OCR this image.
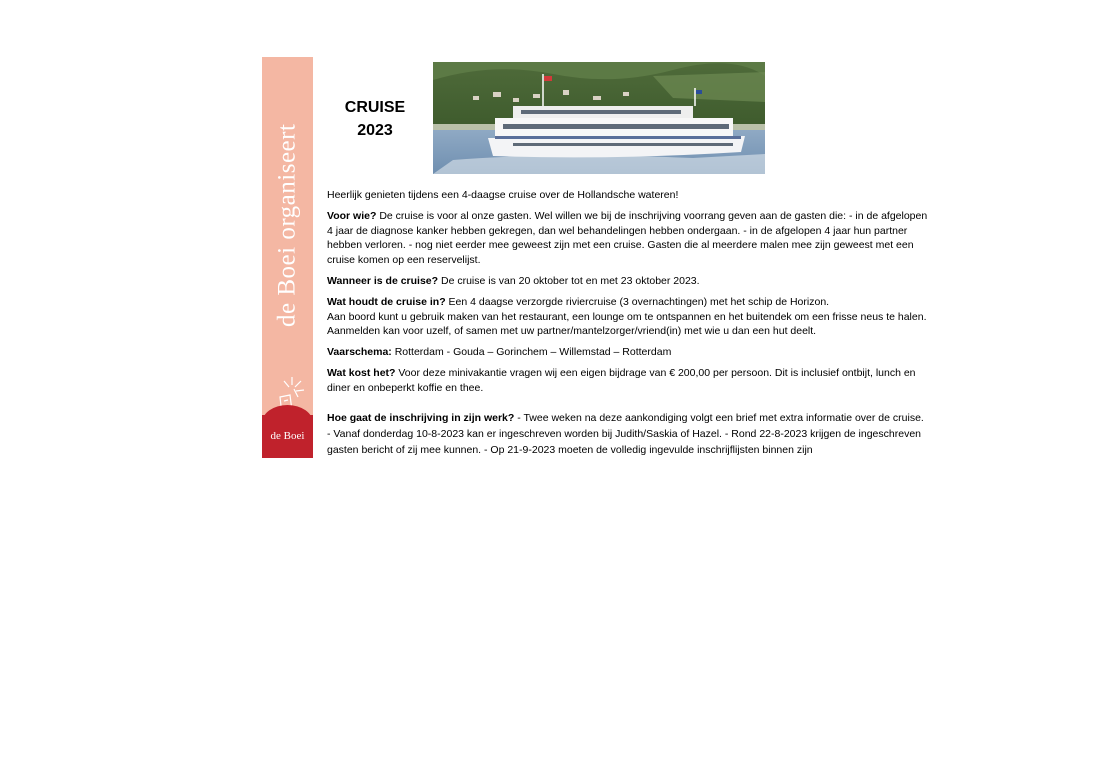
de Boei organiseert
de Boei
CRUISE
2023

Heerlijk genieten tijdens een 4-daagse cruise over de Hollandsche wateren!

Voor wie? De cruise is voor al onze gasten. Wel willen we bij de inschrijving voorrang geven aan de gasten die: - in de afgelopen 4 jaar de diagnose kanker hebben gekregen, dan wel behandelingen hebben ondergaan. - in de afgelopen 4 jaar hun partner hebben verloren. - nog niet eerder mee geweest zijn met een cruise. Gasten die al meerdere malen mee zijn geweest met een cruise komen op een reservelijst.

Wanneer is de cruise? De cruise is van 20 oktober tot en met 23 oktober 2023.

Wat houdt de cruise in? Een 4 daagse verzorgde riviercruise (3 overnachtingen) met het schip de Horizon.
Aan boord kunt u gebruik maken van het restaurant, een lounge om te ontspannen en het buitendek om een frisse neus te halen. Aanmelden kan voor uzelf, of samen met uw partner/mantelzorger/vriend(in) met wie u dan een hut deelt.

Vaarschema: Rotterdam - Gouda – Gorinchem – Willemstad – Rotterdam

Wat kost het? Voor deze minivakantie vragen wij een eigen bijdrage van € 200,00 per persoon. Dit is inclusief ontbijt, lunch en diner en onbeperkt koffie en thee.

Hoe gaat de inschrijving in zijn werk? - Twee weken na deze aankondiging volgt een brief met extra informatie over de cruise. - Vanaf donderdag 10-8-2023 kan er ingeschreven worden bij Judith/Saskia of Hazel. - Rond 22-8-2023 krijgen de ingeschreven gasten bericht of zij mee kunnen. - Op 21-9-2023 moeten de volledig ingevulde inschrijflijsten binnen zijn
